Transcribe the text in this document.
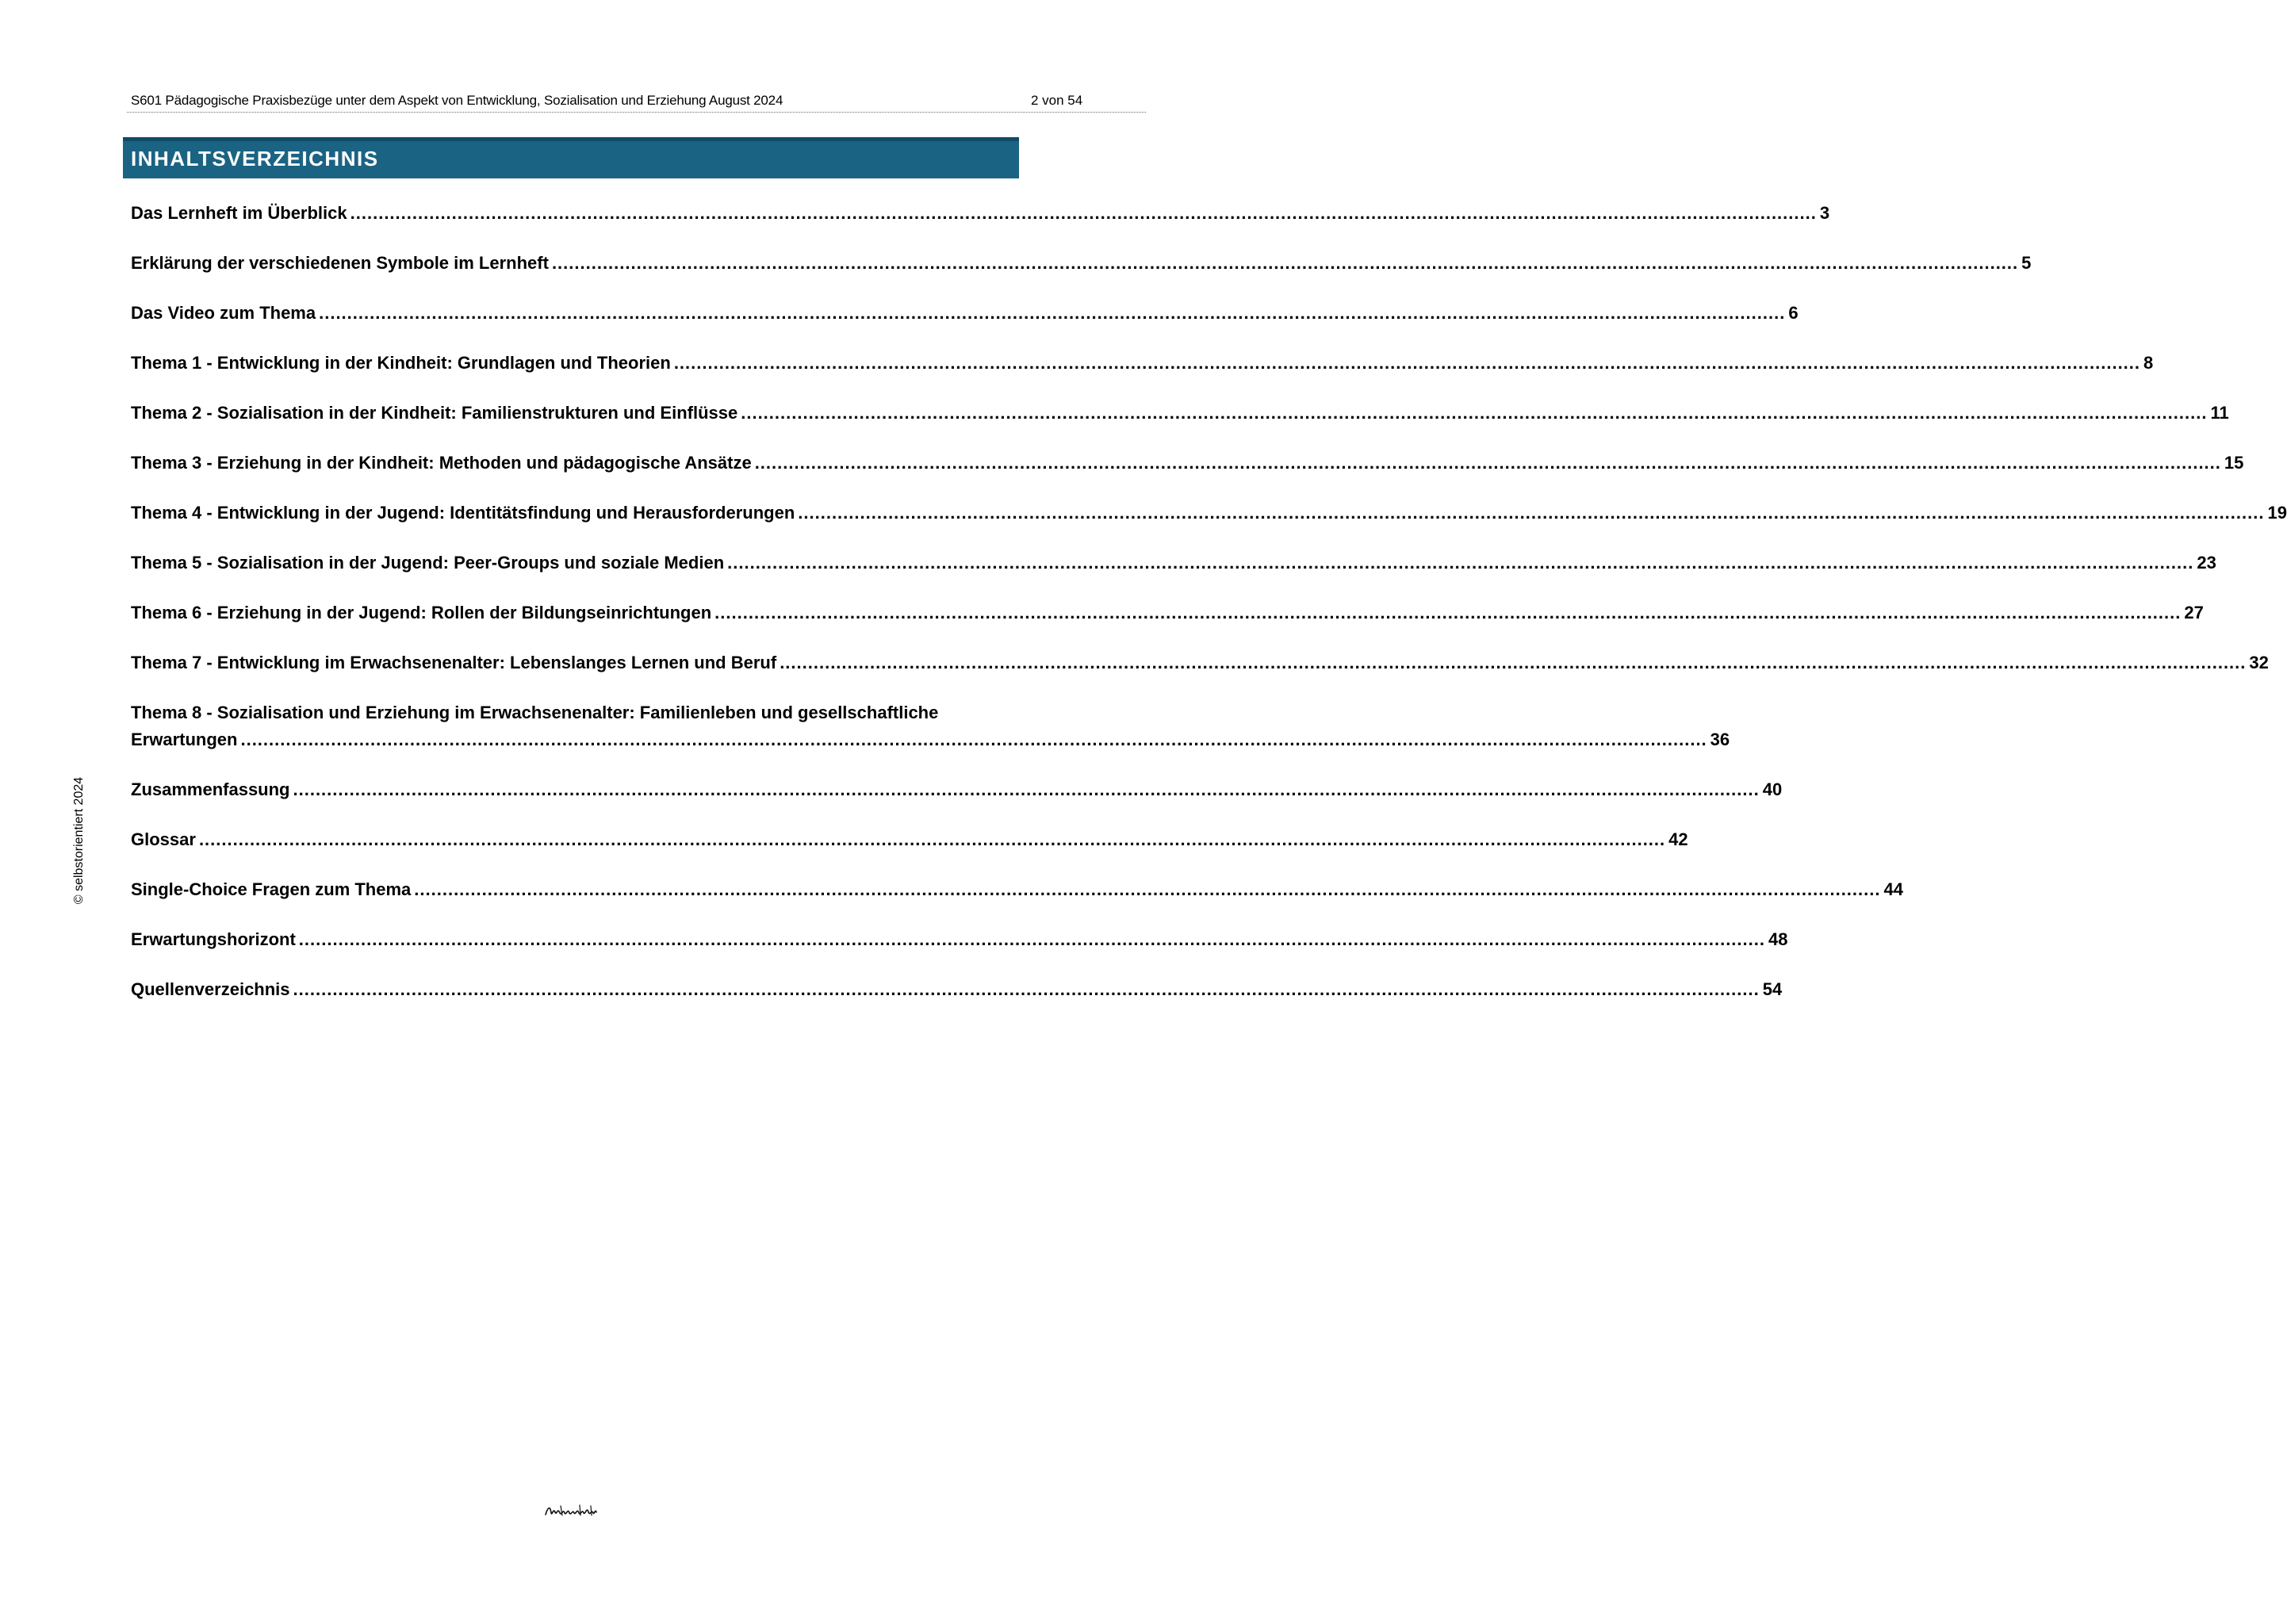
S601 Pädagogische Praxisbezüge unter dem Aspekt von Entwicklung, Sozialisation und Erziehung August 2024	2 von 54
INHALTSVERZEICHNIS
Das Lernheft im Überblick .................................................................................................................................................................................................................................................................... 3
Erklärung der verschiedenen Symbole im Lernheft .................................................................................................................................................................................................................................................................... 5
Das Video zum Thema .................................................................................................................................................................................................................................................................... 6
Thema 1 - Entwicklung in der Kindheit: Grundlagen und Theorien .................................................................................................................................................................................................................................................................... 8
Thema 2 - Sozialisation in der Kindheit: Familienstrukturen und Einflüsse .................................................................................................................................................................................................................................................................... 11
Thema 3 - Erziehung in der Kindheit: Methoden und pädagogische Ansätze .................................................................................................................................................................................................................................................................... 15
Thema 4 - Entwicklung in der Jugend: Identitätsfindung und Herausforderungen .................................................................................................................................................................................................................................................................... 19
Thema 5 - Sozialisation in der Jugend: Peer-Groups und soziale Medien .................................................................................................................................................................................................................................................................... 23
Thema 6 - Erziehung in der Jugend: Rollen der Bildungseinrichtungen .................................................................................................................................................................................................................................................................... 27
Thema 7 - Entwicklung im Erwachsenenalter: Lebenslanges Lernen und Beruf .................................................................................................................................................................................................................................................................... 32
Thema 8 - Sozialisation und Erziehung im Erwachsenenalter: Familienleben und gesellschaftliche
Erwartungen .................................................................................................................................................................................................................................................................... 36
Zusammenfassung .................................................................................................................................................................................................................................................................... 40
Glossar .................................................................................................................................................................................................................................................................... 42
Single-Choice Fragen zum Thema .................................................................................................................................................................................................................................................................... 44
Erwartungshorizont .................................................................................................................................................................................................................................................................... 48
Quellenverzeichnis .................................................................................................................................................................................................................................................................... 54
© selbstorientiert 2024
